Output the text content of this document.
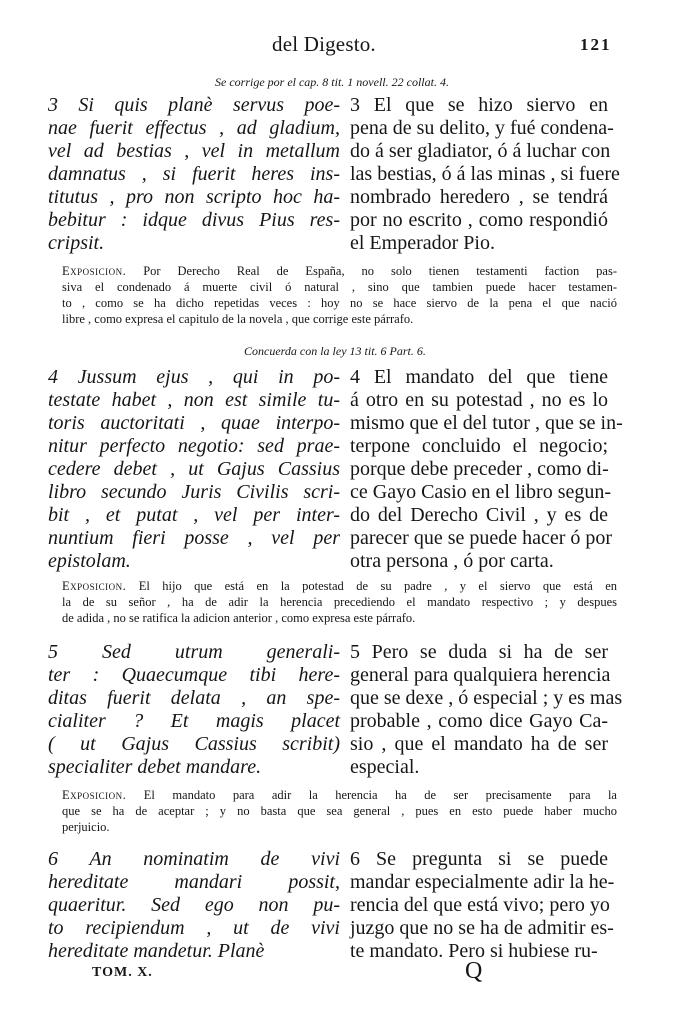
del Digesto.	121
Se corrige por el cap. 8 tit. 1 novell. 22 collat. 4.
3 Si quis planè servus poe-
nae fuerit effectus , ad gladium,
vel ad bestias , vel in metallum
damnatus , si fuerit heres ins-
titutus , pro non scripto hoc ha-
bebitur : idque divus Pius res-
cripsit.
3 El que se hizo siervo en
pena de su delito, y fué condena-
do á ser gladiator, ó á luchar con
las bestias, ó á las minas , si fuere
nombrado heredero , se tendrá
por no escrito , como respondió
el Emperador Pio.
Exposicion. Por Derecho Real de España, no solo tienen testamenti faction pas-
siva el condenado á muerte civil ó natural , sino que tambien puede hacer testamen-
to , como se ha dicho repetidas veces : hoy no se hace siervo de la pena el que nació
libre , como expresa el capitulo de la novela , que corrige este párrafo.
Concuerda con la ley 13 tit. 6 Part. 6.
4 Jussum ejus , qui in po-
testate habet , non est simile tu-
toris auctoritati , quae interpo-
nitur perfecto negotio: sed prae-
cedere debet , ut Gajus Cassius
libro secundo Juris Civilis scri-
bit , et putat , vel per inter-
nuntium fieri posse , vel per
epistolam.
4 El mandato del que tiene
á otro en su potestad , no es lo
mismo que el del tutor , que se in-
terpone concluido el negocio;
porque debe preceder , como di-
ce Gayo Casio en el libro segun-
do del Derecho Civil , y es de
parecer que se puede hacer ó por
otra persona , ó por carta.
Exposicion. El hijo que está en la potestad de su padre , y el siervo que está en
la de su señor , ha de adir la herencia precediendo el mandato respectivo ; y despues
de adida , no se ratifica la adicion anterior , como expresa este párrafo.
5 Sed utrum generali-
ter : Quaecumque tibi here-
ditas fuerit delata , an spe-
cialiter ? Et magis placet
( ut Gajus Cassius scribit)
specialiter debet mandare.
5 Pero se duda si ha de ser
general para qualquiera herencia
que se dexe , ó especial ; y es mas
probable , como dice Gayo Ca-
sio , que el mandato ha de ser
especial.
Exposicion. El mandato para adir la herencia ha de ser precisamente para la
que se ha de aceptar ; y no basta que sea general , pues en esto puede haber mucho
perjuicio.
6 An nominatim de vivi
hereditate mandari possit,
quaeritur. Sed ego non pu-
to recipiendum , ut de vivi
hereditate mandetur. Planè
6 Se pregunta si se puede
mandar especialmente adir la he-
rencia del que está vivo; pero yo
juzgo que no se ha de admitir es-
te mandato. Pero si hubiese ru-
TOM. X.	Q
